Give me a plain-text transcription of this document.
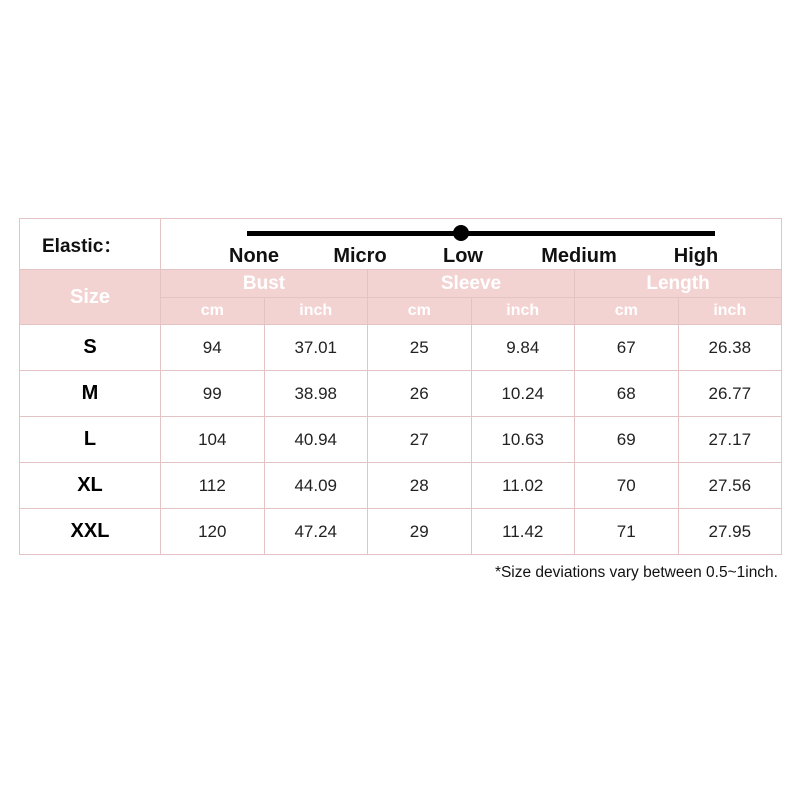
Elastic：	None Micro Low Medium High					

Size	Bust		Sleeve		Length	
	cm	inch	cm	inch	cm	inch
S	94	37.01	25	9.84	67	26.38
M	99	38.98	26	10.24	68	26.77
L	104	40.94	27	10.63	69	27.17
XL	112	44.09	28	11.02	70	27.56
XXL	120	47.24	29	11.42	71	27.95
*Size deviations vary between 0.5~1inch.
